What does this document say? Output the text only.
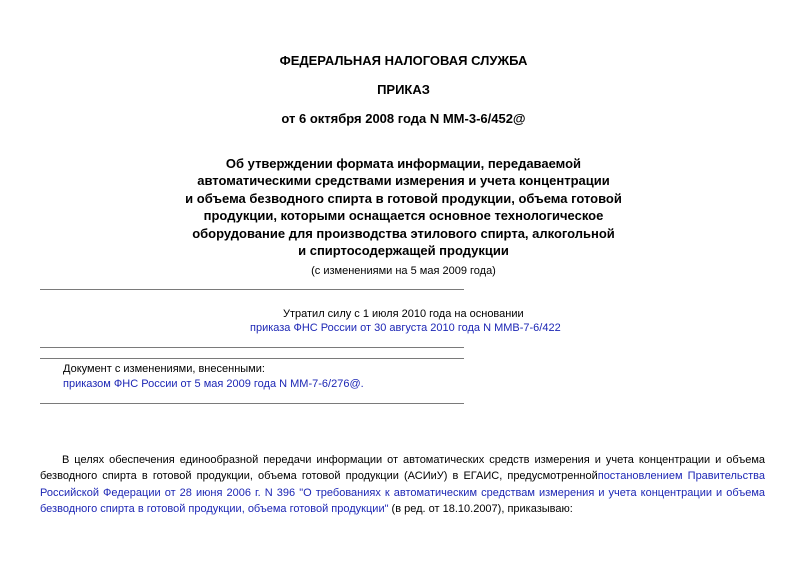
ФЕДЕРАЛЬНАЯ НАЛОГОВАЯ СЛУЖБА
ПРИКАЗ
от 6 октября 2008 года N ММ-3-6/452@
Об утверждении формата информации, передаваемой
автоматическими средствами измерения и учета концентрации
и объема безводного спирта в готовой продукции, объема готовой
продукции, которыми оснащается основное технологическое
оборудование для производства этилового спирта, алкогольной
и спиртосодержащей продукции
(с изменениями на 5 мая 2009 года)
Утратил силу с 1 июля 2010 года на основании
приказа ФНС России от 30 августа 2010 года N ММВ-7-6/422
Документ с изменениями, внесенными:
приказом ФНС России от 5 мая 2009 года N ММ-7-6/276@.
В целях обеспечения единообразной передачи информации от автоматических средств измерения и учета концентрации и объема безводного спирта в готовой продукции, объема готовой продукции (АСИиУ) в ЕГАИС, предусмотреннойпостановлением Правительства Российской Федерации от 28 июня 2006 г. N 396 "О требованиях к автоматическим средствам измерения и учета концентрации и объема безводного спирта в готовой продукции, объема готовой продукции" (в ред. от 18.10.2007), приказываю:
